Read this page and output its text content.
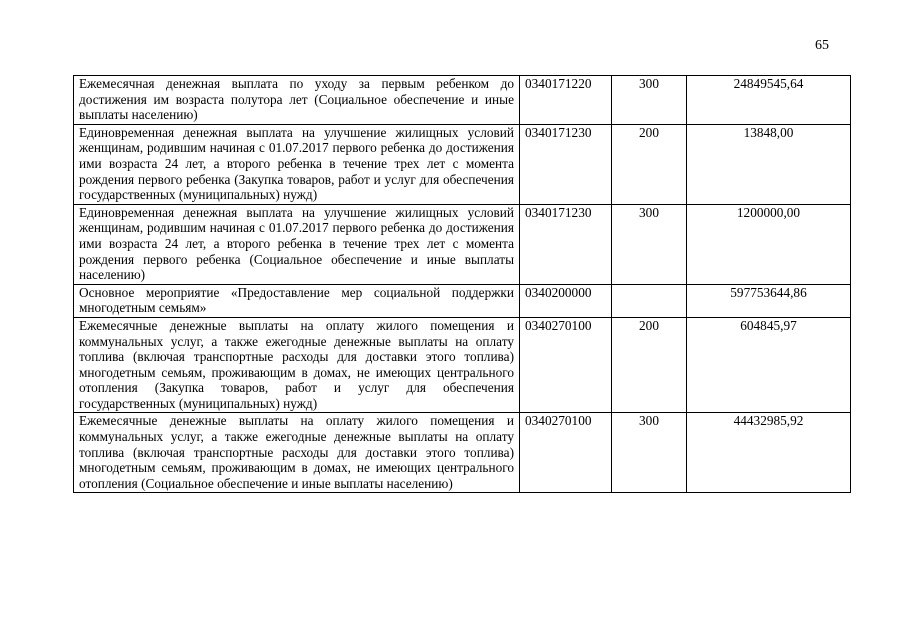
65
Ежемесячная денежная выплата по уходу за первым ребенком до достижения им возраста полутора лет (Социальное обеспечение и иные выплаты населению)	0340171220	300	24849545,64
Единовременная денежная выплата на улучшение жилищных условий женщинам, родившим начиная с 01.07.2017 первого ребенка до достижения ими возраста 24 лет, а второго ребенка в течение трех лет с момента рождения первого ребенка (Закупка товаров, работ и услуг для обеспечения государственных (муниципальных) нужд)	0340171230	200	13848,00
Единовременная денежная выплата на улучшение жилищных условий женщинам, родившим начиная с 01.07.2017 первого ребенка до достижения ими возраста 24 лет, а второго ребенка в течение трех лет с момента рождения первого ребенка (Социальное обеспечение и иные выплаты населению)	0340171230	300	1200000,00
Основное мероприятие «Предоставление мер социальной поддержки многодетным семьям»	0340200000		597753644,86
Ежемесячные денежные выплаты на оплату жилого помещения и коммунальных услуг, а также ежегодные денежные выплаты на оплату топлива (включая транспортные расходы для доставки этого топлива) многодетным семьям, проживающим в домах, не имеющих центрального отопления (Закупка товаров, работ и услуг для обеспечения государственных (муниципальных) нужд)	0340270100	200	604845,97
Ежемесячные денежные выплаты на оплату жилого помещения и коммунальных услуг, а также ежегодные денежные выплаты на оплату топлива (включая транспортные расходы для доставки этого топлива) многодетным семьям, проживающим в домах, не имеющих центрального отопления (Социальное обеспечение и иные выплаты населению)	0340270100	300	44432985,92
